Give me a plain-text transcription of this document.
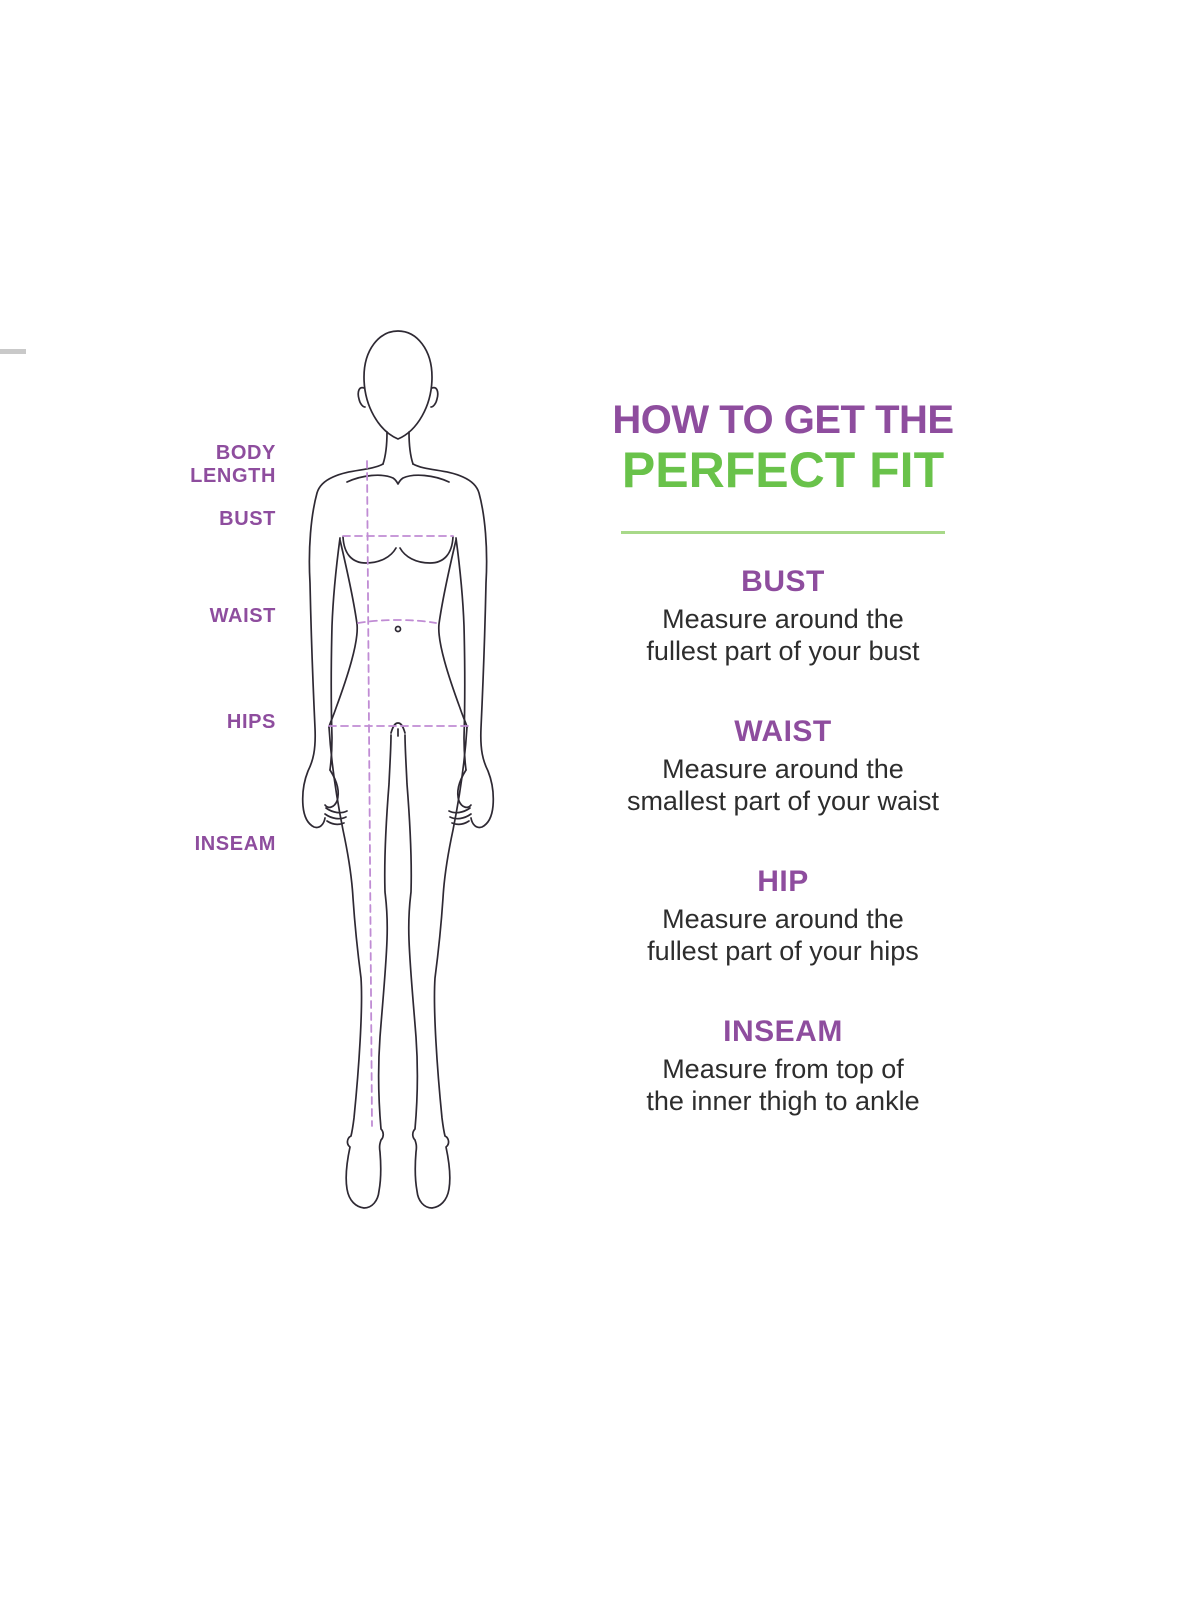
BODY
LENGTH
BUST
WAIST
HIPS
INSEAM
HOW TO GET THE
PERFECT FIT
BUST
Measure around the
fullest part of your bust
WAIST
Measure around the
smallest part of your waist
HIP
Measure around the
fullest part of your hips
INSEAM
Measure from top of
the inner thigh to ankle
